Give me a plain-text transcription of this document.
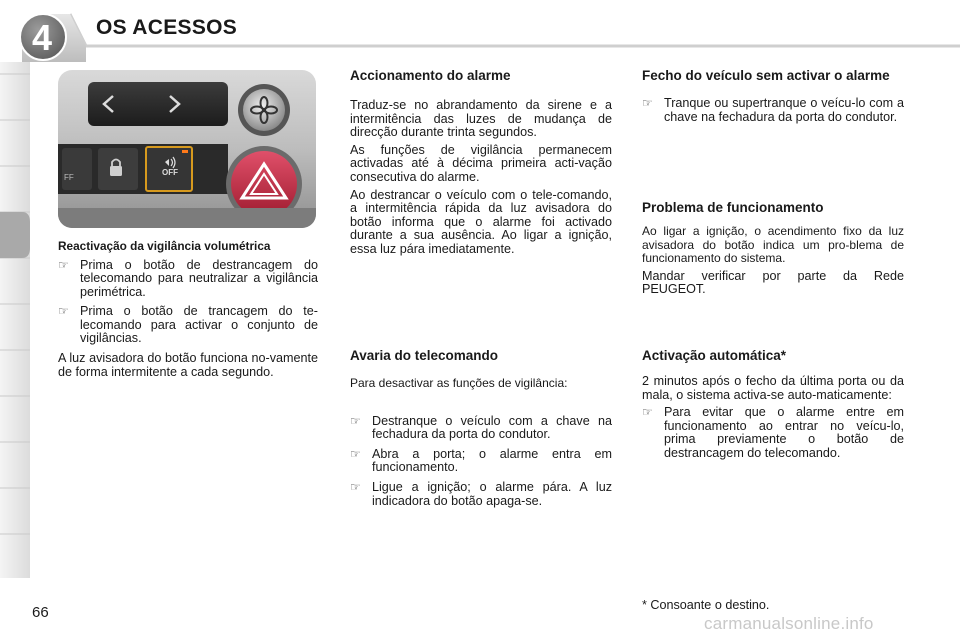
4	OS ACESSOS
FF
OFF
Reactivação da vigilância volumétrica
☞ Prima o botão de destrancagem do telecomando para neutralizar a vigilância perimétrica.
☞ Prima o botão de trancagem do te-lecomando para activar o conjunto de vigilâncias.

A luz avisadora do botão funciona no-vamente de forma intermitente a cada segundo.

Accionamento do alarme

Traduz-se no abrandamento da sirene e a intermitência das luzes de mudança de direcção durante trinta segundos.

As funções de vigilância permanecem activadas até à décima primeira acti-vação consecutiva do alarme.

Ao destrancar o veículo com o tele-comando, a intermitência rápida da luz avisadora do botão informa que o alarme foi activado durante a sua ausência. Ao ligar a ignição, essa luz pára imediatamente.

Avaria do telecomando

Para desactivar as funções de vigilância:

☞ Destranque o veículo com a chave na fechadura da porta do condutor.
☞ Abra a porta; o alarme entra em funcionamento.
☞ Ligue a ignição; o alarme pára. A luz indicadora do botão apaga-se.
Fecho do veículo sem activar o alarme
☞ Tranque ou supertranque o veícu-lo com a chave na fechadura da porta do condutor.
Problema de funcionamento

Ao ligar a ignição, o acendimento fixo da luz avisadora do botão indica um pro-blema de funcionamento do sistema.

Mandar verificar por parte da Rede PEUGEOT.

Activação automática*

2 minutos após o fecho da última porta ou da mala, o sistema activa-se auto-maticamente:

☞ Para evitar que o alarme entre em funcionamento ao entrar no veícu-lo, prima previamente o botão de destrancagem do telecomando.
* Consoante o destino.
66
carmanualsonline.info
